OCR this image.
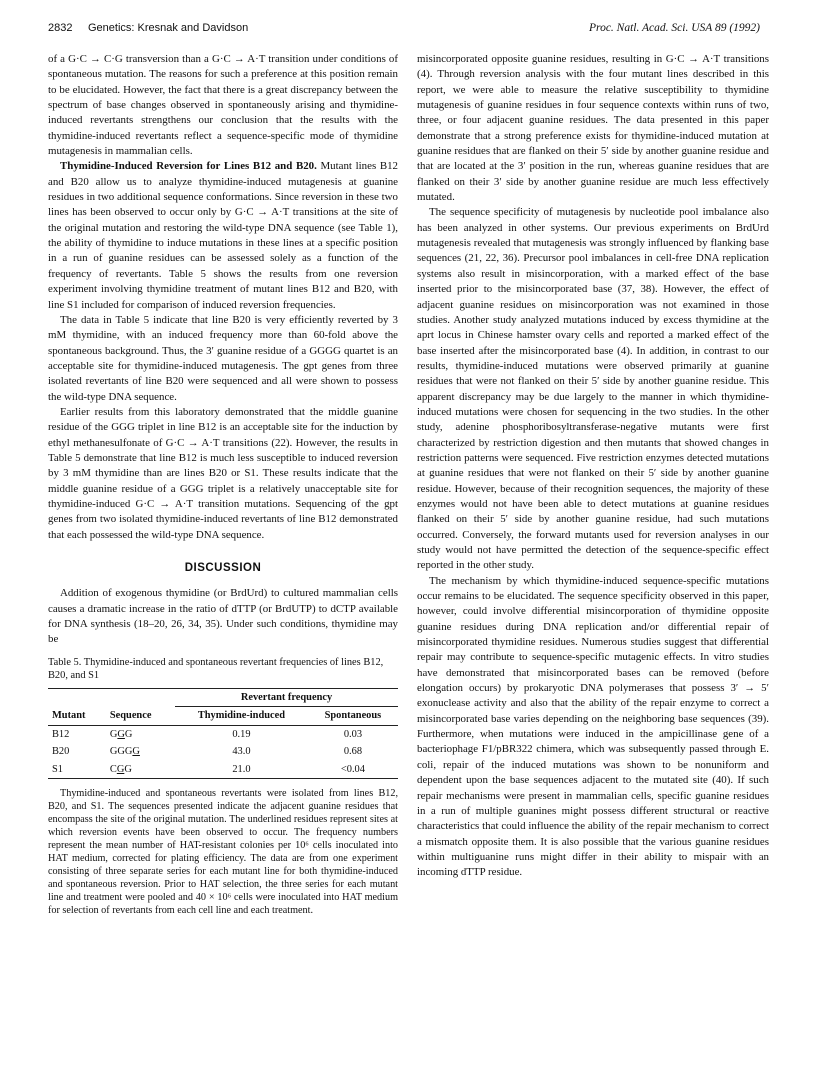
2832 Genetics: Kresnak and Davidson	Proc. Natl. Acad. Sci. USA 89 (1992)

of a G·C → C·G transversion than a G·C → A·T transition under conditions of spontaneous mutation. The reasons for such a preference at this position remain to be elucidated. However, the fact that there is a great discrepancy between the spectrum of base changes observed in spontaneously arising and thymidine-induced revertants strengthens our conclusion that the results with the thymidine-induced revertants reflect a sequence-specific mode of thymidine mutagenesis in mammalian cells.

Thymidine-Induced Reversion for Lines B12 and B20. Mutant lines B12 and B20 allow us to analyze thymidine-induced mutagenesis at guanine residues in two additional sequence conformations. Since reversion in these two lines has been observed to occur only by G·C → A·T transitions at the site of the original mutation and restoring the wild-type DNA sequence (see Table 1), the ability of thymidine to induce mutations in these lines at a specific position in a run of guanine residues can be assessed solely as a function of the frequency of revertants. Table 5 shows the results from one reversion experiment involving thymidine treatment of mutant lines B12 and B20, with line S1 included for comparison of induced reversion frequencies.

The data in Table 5 indicate that line B20 is very efficiently reverted by 3 mM thymidine, with an induced frequency more than 60-fold above the spontaneous background. Thus, the 3′ guanine residue of a GGGG quartet is an acceptable site for thymidine-induced mutagenesis. The gpt genes from three isolated revertants of line B20 were sequenced and all were shown to possess the wild-type DNA sequence.

Earlier results from this laboratory demonstrated that the middle guanine residue of the GGG triplet in line B12 is an acceptable site for the induction by ethyl methanesulfonate of G·C → A·T transitions (22). However, the results in Table 5 demonstrate that line B12 is much less susceptible to induced reversion by 3 mM thymidine than are lines B20 or S1. These results indicate that the middle guanine residue of a GGG triplet is a relatively unacceptable site for thymidine-induced G·C → A·T transition mutations. Sequencing of the gpt genes from two isolated thymidine-induced revertants of line B12 demonstrated that each possessed the wild-type DNA sequence.

DISCUSSION

Addition of exogenous thymidine (or BrdUrd) to cultured mammalian cells causes a dramatic increase in the ratio of dTTP (or BrdUTP) to dCTP available for DNA synthesis (18–20, 26, 34, 35). Under such conditions, thymidine may be

Table 5. Thymidine-induced and spontaneous revertant frequencies of lines B12, B20, and S1
		Revertant frequency	
Mutant	Sequence	Thymidine-induced	Spontaneous
B12	GGG	0.19	0.03
B20	GGGG	43.0	0.68
S1	CGG	21.0	<0.04
Thymidine-induced and spontaneous revertants were isolated from lines B12, B20, and S1. The sequences presented indicate the adjacent guanine residues that encompass the site of the original mutation. The underlined residues represent sites at which reversion events have been observed to occur. The frequency numbers represent the mean number of HAT-resistant colonies per 10⁶ cells inoculated into HAT medium, corrected for plating efficiency. The data are from one experiment consisting of three separate series for each mutant line for both thymidine-induced and spontaneous reversion. Prior to HAT selection, the three series for each mutant line and treatment were pooled and 40 × 10⁶ cells were inoculated into HAT medium for selection of revertants from each cell line and each treatment.

misincorporated opposite guanine residues, resulting in G·C → A·T transitions (4). Through reversion analysis with the four mutant lines described in this report, we were able to measure the relative susceptibility to thymidine mutagenesis of guanine residues in four sequence contexts within runs of two, three, or four adjacent guanine residues. The data presented in this paper demonstrate that a strong preference exists for thymidine-induced mutation at guanine residues that are flanked on their 5′ side by another guanine residue and that are located at the 3′ position in the run, whereas guanine residues that are flanked on their 3′ side by another guanine residue are much less effectively mutated.

The sequence specificity of mutagenesis by nucleotide pool imbalance also has been analyzed in other systems. Our previous experiments on BrdUrd mutagenesis revealed that mutagenesis was strongly influenced by flanking base sequences (21, 22, 36). Precursor pool imbalances in cell-free DNA replication systems also result in misincorporation, with a marked effect of the base inserted prior to the misincorporated base (37, 38). However, the effect of adjacent guanine residues on misincorporation was not examined in those studies. Another study analyzed mutations induced by excess thymidine at the aprt locus in Chinese hamster ovary cells and reported a marked effect of the base inserted after the misincorporated base (4). In addition, in contrast to our results, thymidine-induced mutations were observed primarily at guanine residues that were not flanked on their 5′ side by another guanine residue. This apparent discrepancy may be due largely to the manner in which thymidine-induced mutations were chosen for sequencing in the two studies. In the other study, adenine phosphoribosyltransferase-negative mutants were first characterized by restriction digestion and then mutants that showed changes in restriction patterns were sequenced. Five restriction enzymes detected mutations at guanine residues that were not flanked on their 5′ side by another guanine residue. However, because of their recognition sequences, the majority of these enzymes would not have been able to detect mutations at guanine residues flanked on their 5′ side by another guanine residue, had such mutations occurred. Conversely, the forward mutants used for reversion analyses in our study would not have permitted the detection of the sequence-specific effect reported in the other study.

The mechanism by which thymidine-induced sequence-specific mutations occur remains to be elucidated. The sequence specificity observed in this paper, however, could involve differential misincorporation of thymidine opposite guanine residues during DNA replication and/or differential repair of misincorporated thymidine residues. Numerous studies suggest that differential repair may contribute to sequence-specific mutagenic effects. In vitro studies have demonstrated that misincorporated bases can be removed (before elongation occurs) by prokaryotic DNA polymerases that possess 3′ → 5′ exonuclease activity and also that the ability of the repair enzyme to correct a misincorporated base varies depending on the neighboring base sequences (39). Furthermore, when mutations were induced in the ampicillinase gene of a bacteriophage F1/pBR322 chimera, which was subsequently passed through E. coli, repair of the induced mutations was shown to be nonuniform and dependent upon the base sequences adjacent to the mutated site (40). If such repair mechanisms were present in mammalian cells, specific guanine residues in a run of multiple guanines might possess different structural or reactive characteristics that could influence the ability of the repair mechanism to correct a mismatch opposite them. It is also possible that the various guanine residues within multiguanine runs might differ in their ability to mispair with an incoming dTTP residue.
